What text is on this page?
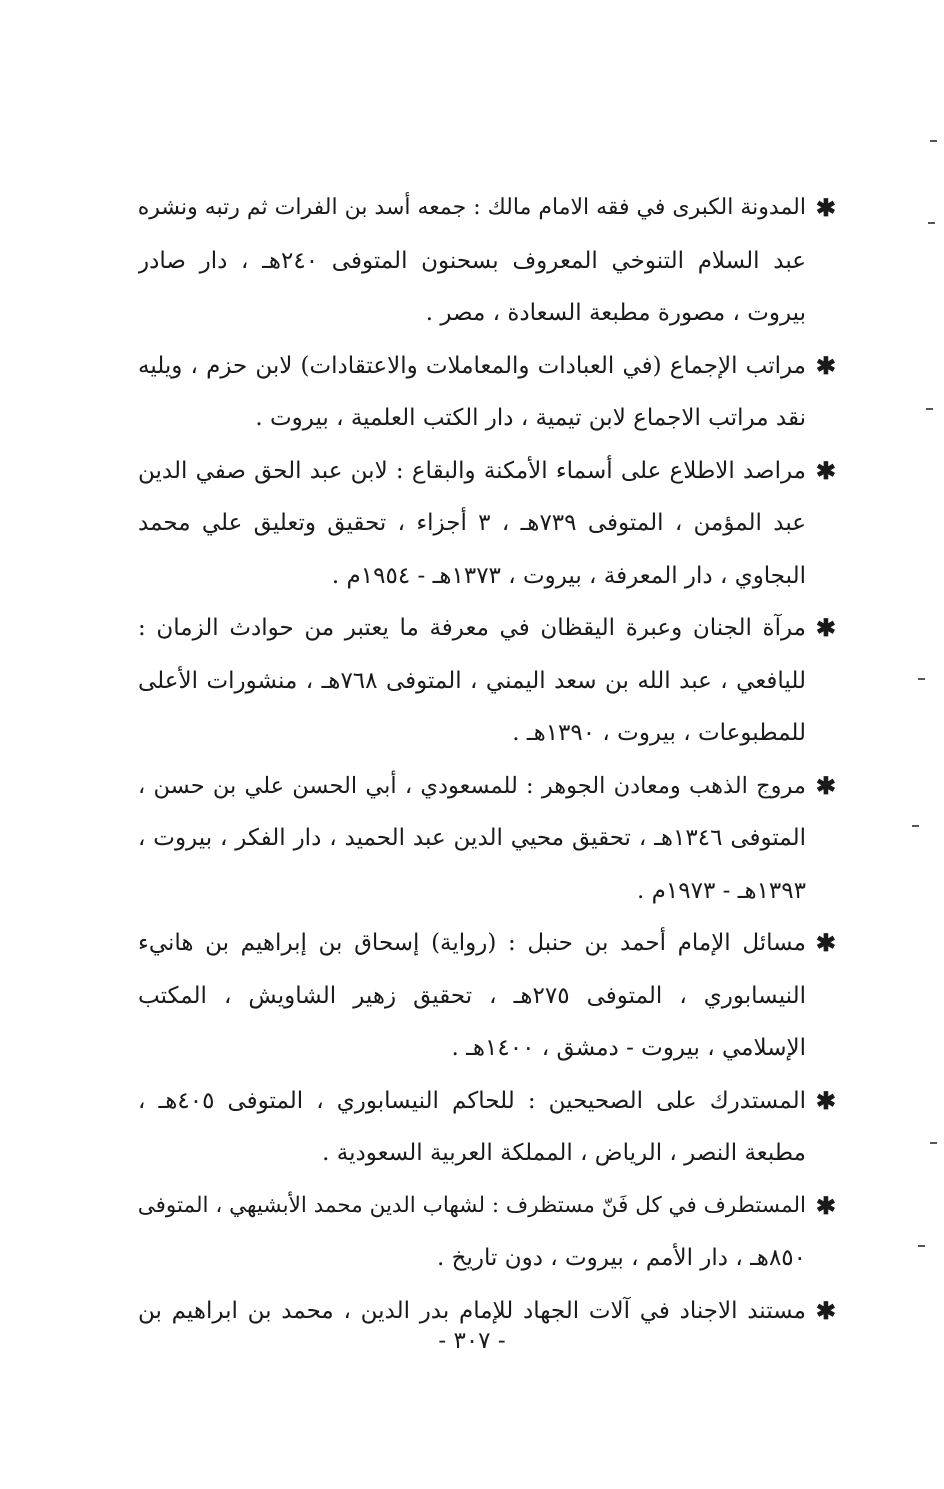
✱
المدونة الكبرى في فقه الامام مالك : جمعه أسد بن الفرات ثم رتبه ونشره
عبد السلام التنوخي المعروف بسحنون المتوفى ٢٤٠هـ ، دار صادر
بيروت ، مصورة مطبعة السعادة ، مصر .
✱
مراتب الإجماع (في العبادات والمعاملات والاعتقادات) لابن حزم ، ويليه
نقد مراتب الاجماع لابن تيمية ، دار الكتب العلمية ، بيروت .
✱
مراصد الاطلاع على أسماء الأمكنة والبقاع : لابن عبد الحق صفي الدين
عبد المؤمن ، المتوفى ٧٣٩هـ ، ٣ أجزاء ، تحقيق وتعليق علي محمد
البجاوي ، دار المعرفة ، بيروت ، ١٣٧٣هـ - ١٩٥٤م .
✱
مرآة الجنان وعبرة اليقظان في معرفة ما يعتبر من حوادث الزمان :
لليافعي ، عبد الله بن سعد اليمني ، المتوفى ٧٦٨هـ ، منشورات الأعلى
للمطبوعات ، بيروت ، ١٣٩٠هـ .
✱
مروج الذهب ومعادن الجوهر : للمسعودي ، أبي الحسن علي بن حسن ،
المتوفى ١٣٤٦هـ ، تحقيق محيي الدين عبد الحميد ، دار الفكر ، بيروت ،
١٣٩٣هـ - ١٩٧٣م .
✱
مسائل الإمام أحمد بن حنبل : (رواية) إسحاق بن إبراهيم بن هانيء
النيسابوري ، المتوفى ٢٧٥هـ ، تحقيق زهير الشاويش ، المكتب
الإسلامي ، بيروت - دمشق ، ١٤٠٠هـ .
✱
المستدرك على الصحيحين : للحاكم النيسابوري ، المتوفى ٤٠٥هـ ،
مطبعة النصر ، الرياض ، المملكة العربية السعودية .
✱
المستطرف في كل فَنّ مستظرف : لشهاب الدين محمد الأبشيهي ، المتوفى
٨٥٠هـ ، دار الأمم ، بيروت ، دون تاريخ .
✱
مستند الاجناد في آلات الجهاد للإمام بدر الدين ، محمد بن ابراهيم بن
- ٣٠٧ -
